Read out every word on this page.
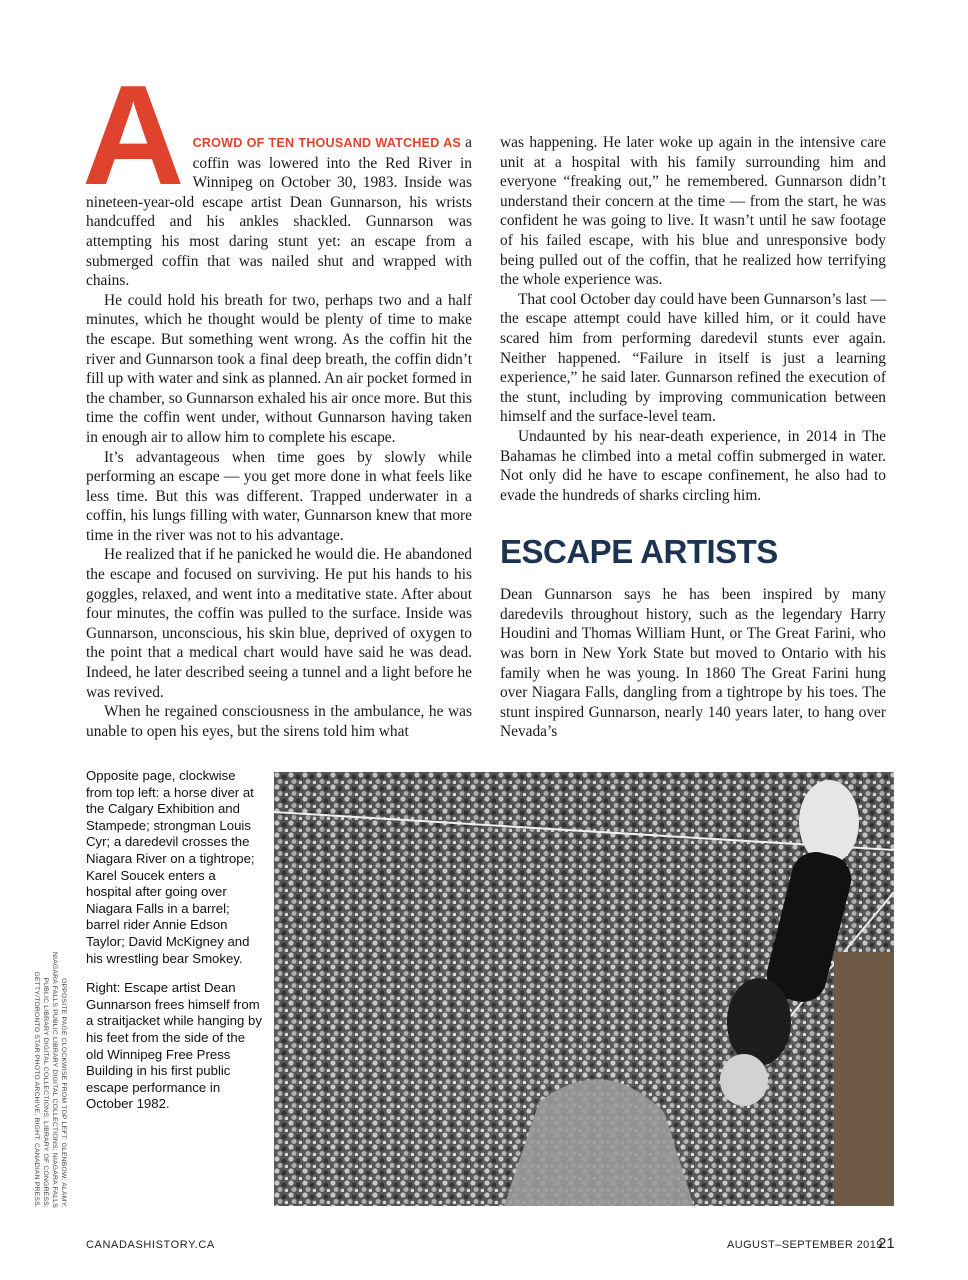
ACROWD OF TEN THOUSAND WATCHED AS a coffin was lowered into the Red River in Winnipeg on October 30, 1983. Inside was nineteen-year-old escape artist Dean Gunnarson, his wrists handcuffed and his ankles shackled. Gunnarson was attempting his most daring stunt yet: an escape from a submerged coffin that was nailed shut and wrapped with chains.

He could hold his breath for two, perhaps two and a half minutes, which he thought would be plenty of time to make the escape. But something went wrong. As the coffin hit the river and Gunnarson took a final deep breath, the coffin didn’t fill up with water and sink as planned. An air pocket formed in the chamber, so Gunnarson exhaled his air once more. But this time the coffin went under, without Gunnarson having taken in enough air to allow him to complete his escape.

It’s advantageous when time goes by slowly while performing an escape — you get more done in what feels like less time. But this was different. Trapped underwater in a coffin, his lungs filling with water, Gunnarson knew that more time in the river was not to his advantage.

He realized that if he panicked he would die. He abandoned the escape and focused on surviving. He put his hands to his goggles, relaxed, and went into a meditative state. After about four minutes, the coffin was pulled to the surface. Inside was Gunnarson, unconscious, his skin blue, deprived of oxygen to the point that a medical chart would have said he was dead. Indeed, he later described seeing a tunnel and a light before he was revived.

When he regained consciousness in the ambulance, he was unable to open his eyes, but the sirens told him what

was happening. He later woke up again in the intensive care unit at a hospital with his family surrounding him and everyone “freaking out,” he remembered. Gunnarson didn’t understand their concern at the time — from the start, he was confident he was going to live. It wasn’t until he saw footage of his failed escape, with his blue and unresponsive body being pulled out of the coffin, that he realized how terrifying the whole experience was.

That cool October day could have been Gunnarson’s last — the escape attempt could have killed him, or it could have scared him from performing daredevil stunts ever again. Neither happened. “Failure in itself is just a learning experience,” he said later. Gunnarson refined the execution of the stunt, including by improving communication between himself and the surface-level team.

Undaunted by his near-death experience, in 2014 in The Bahamas he climbed into a metal coffin submerged in water. Not only did he have to escape confinement, he also had to evade the hundreds of sharks circling him.

ESCAPE ARTISTS

Dean Gunnarson says he has been inspired by many daredevils throughout history, such as the legendary Harry Houdini and Thomas William Hunt, or The Great Farini, who was born in New York State but moved to Ontario with his family when he was young. In 1860 The Great Farini hung over Niagara Falls, dangling from a tightrope by his toes. The stunt inspired Gunnarson, nearly 140 years later, to hang over Nevada’s

Opposite page, clockwise from top left: a horse diver at the Calgary Exhibition and Stampede; strongman Louis Cyr; a daredevil crosses the Niagara River on a tightrope; Karel Soucek enters a hospital after going over Niagara Falls in a barrel; barrel rider Annie Edson Taylor; David McKigney and his wrestling bear Smokey.

Right: Escape artist Dean Gunnarson frees himself from a straitjacket while hanging by his feet from the side of the old Winnipeg Free Press Building in his first public escape performance in October 1982.

OPPOSITE PAGE CLOCKWISE FROM TOP LEFT: GLENBOW; ALAMY; NIAGARA FALLS PUBLIC LIBRARY DIGITAL COLLECTIONS; NIAGARA FALLS PUBLIC LIBRARY DIGITAL COLLECTIONS; LIBRARY OF CONGRESS; GETTY/TORONTO STAR PHOTO ARCHIVE. RIGHT: CANADIAN PRESS.
CANADASHISTORY.CA	AUGUST–SEPTEMBER 2019
21
